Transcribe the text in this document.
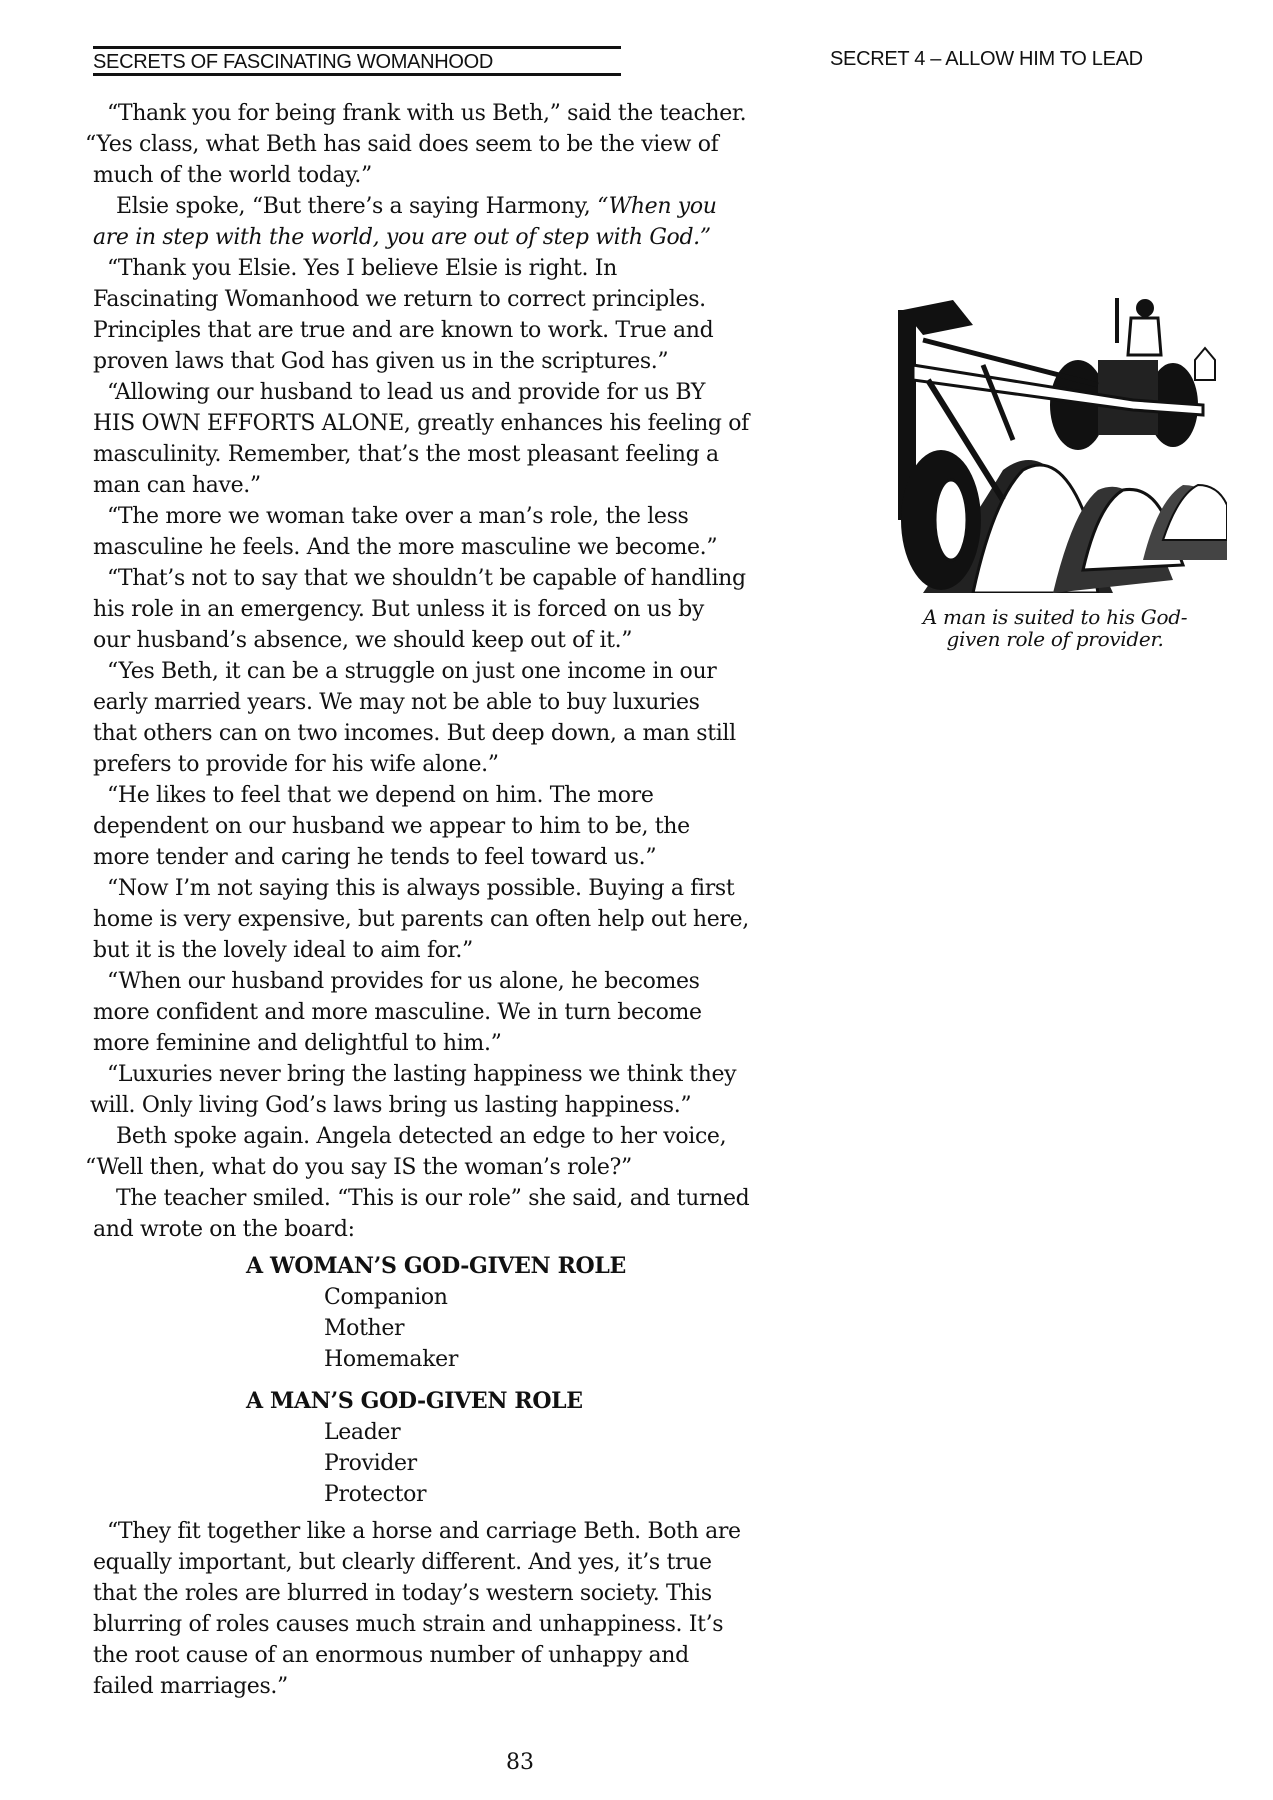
SECRETS OF FASCINATING WOMANHOOD	SECRET 4 – ALLOW HIM TO LEAD
“Thank you for being frank with us Beth,” said the teacher.
“Yes class, what Beth has said does seem to be the view of
much of the world today.”
Elsie spoke, “But there’s a saying Harmony, “When you
are in step with the world, you are out of step with God.”
“Thank you Elsie. Yes I believe Elsie is right. In
Fascinating Womanhood we return to correct principles.
Principles that are true and are known to work. True and
proven laws that God has given us in the scriptures.”
“Allowing our husband to lead us and provide for us BY
HIS OWN EFFORTS ALONE, greatly enhances his feeling of
masculinity. Remember, that’s the most pleasant feeling a
man can have.”
“The more we woman take over a man’s role, the less
masculine he feels. And the more masculine we become.”
“That’s not to say that we shouldn’t be capable of handling
his role in an emergency. But unless it is forced on us by
our husband’s absence, we should keep out of it.”
“Yes Beth, it can be a struggle on just one income in our
early married years. We may not be able to buy luxuries
that others can on two incomes. But deep down, a man still
prefers to provide for his wife alone.”
“He likes to feel that we depend on him. The more
dependent on our husband we appear to him to be, the
more tender and caring he tends to feel toward us.”
“Now I’m not saying this is always possible. Buying a first
home is very expensive, but parents can often help out here,
but it is the lovely ideal to aim for.”
“When our husband provides for us alone, he becomes
more confident and more masculine. We in turn become
more feminine and delightful to him.”
“Luxuries never bring the lasting happiness we think they
will. Only living God’s laws bring us lasting happiness.”
Beth spoke again. Angela detected an edge to her voice,
“Well then, what do you say IS the woman’s role?”
The teacher smiled. “This is our role” she said, and turned
and wrote on the board:
A WOMAN’S GOD-GIVEN ROLE
Companion
Mother
Homemaker
A MAN’S GOD-GIVEN ROLE
Leader
Provider
Protector
“They fit together like a horse and carriage Beth. Both are
equally important, but clearly different. And yes, it’s true
that the roles are blurred in today’s western society. This
blurring of roles causes much strain and unhappiness. It’s
the root cause of an enormous number of unhappy and
failed marriages.”
A man is suited to his God-
given role of provider.
83
